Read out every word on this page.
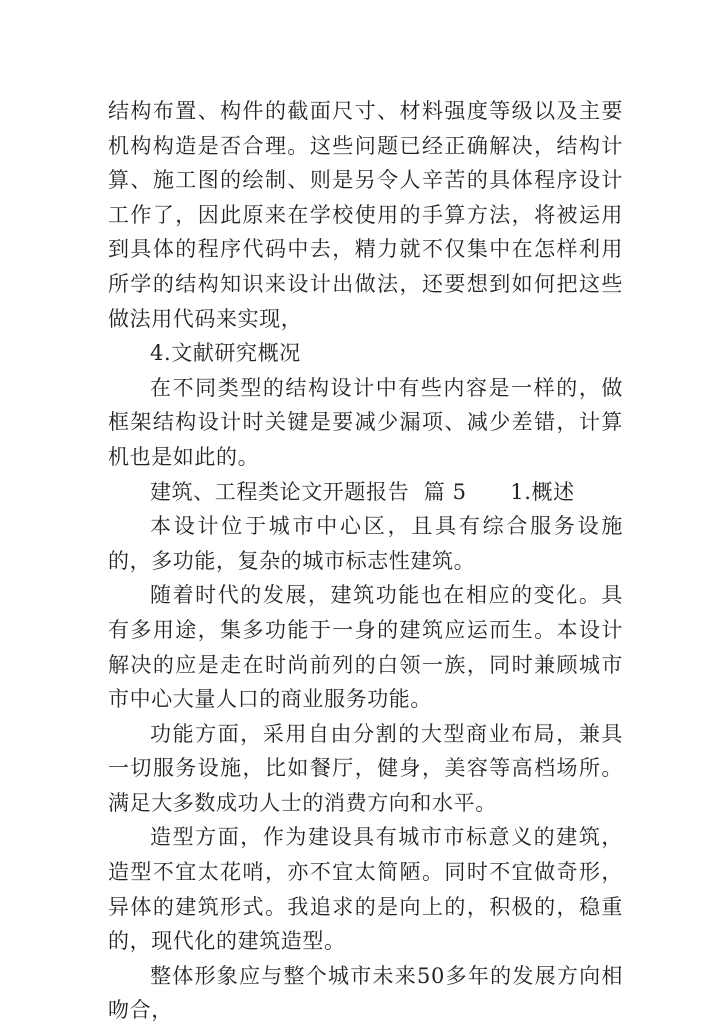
结构布置、构件的截面尺寸、材料强度等级以及主要机构构造是否合理。这些问题已经正确解决，结构计算、施工图的绘制、则是另令人辛苦的具体程序设计工作了，因此原来在学校使用的手算方法，将被运用到具体的程序代码中去，精力就不仅集中在怎样利用所学的结构知识来设计出做法，还要想到如何把这些做法用代码来实现，

4.文献研究概况

在不同类型的结构设计中有些内容是一样的，做框架结构设计时关键是要减少漏项、减少差错，计算机也是如此的。

建筑、工程类论文开题报告  篇 5      1.概述

本设计位于城市中心区，且具有综合服务设施的，多功能，复杂的城市标志性建筑。

随着时代的发展，建筑功能也在相应的变化。具有多用途，集多功能于一身的建筑应运而生。本设计解决的应是走在时尚前列的白领一族，同时兼顾城市市中心大量人口的商业服务功能。

功能方面，采用自由分割的大型商业布局，兼具一切服务设施，比如餐厅，健身，美容等高档场所。满足大多数成功人士的消费方向和水平。

造型方面，作为建设具有城市市标意义的建筑，造型不宜太花哨，亦不宜太简陋。同时不宜做奇形，异体的建筑形式。我追求的是向上的，积极的，稳重的，现代化的建筑造型。

整体形象应与整个城市未来50多年的发展方向相吻合，
